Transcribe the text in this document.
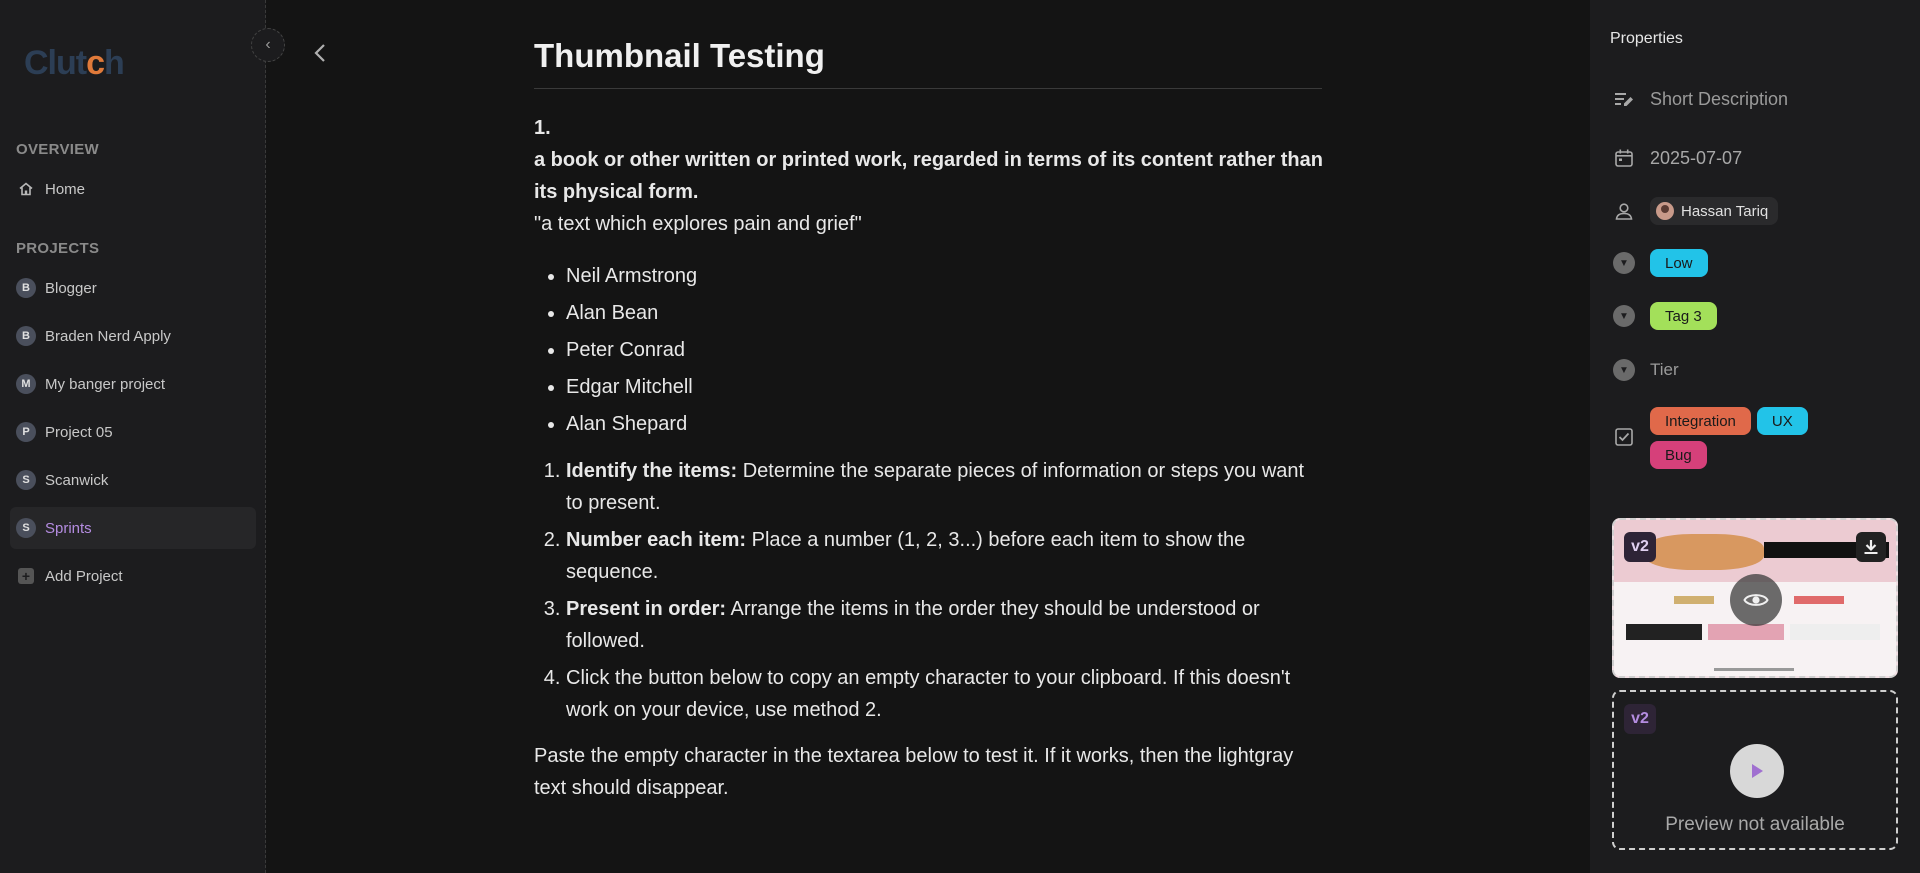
Clutch
OVERVIEW
Home
PROJECTS
B	Blogger
B	Braden Nerd Apply
M My banger project
P	Project 05
S	Scanwick
S	Sprints
+ Add Project
‹	Thumbnail Testing

1.

a book or other written or printed work, regarded in terms of its content rather than its physical form.

"a text which explores pain and grief"

• Neil Armstrong
• Alan Bean
• Peter Conrad
• Edgar Mitchell
• Alan Shepard
1. Identify the items: Determine the separate pieces of information or steps you want to present.
2. Number each item: Place a number (1, 2, 3...) before each item to show the sequence.
3. Present in order: Arrange the items in the order they should be understood or followed.
4. Click the button below to copy an empty character to your clipboard. If this doesn't work on your device, use method 2.

Paste the empty character in the textarea below to test it. If it works, then the lightgray text should disappear.

Properties
Short Description
2025-07-07
Hassan Tariq
▼	Low
▼	Tag 3
▼	Tier
Integration	UX
Bug
v2
v2
Preview not available
